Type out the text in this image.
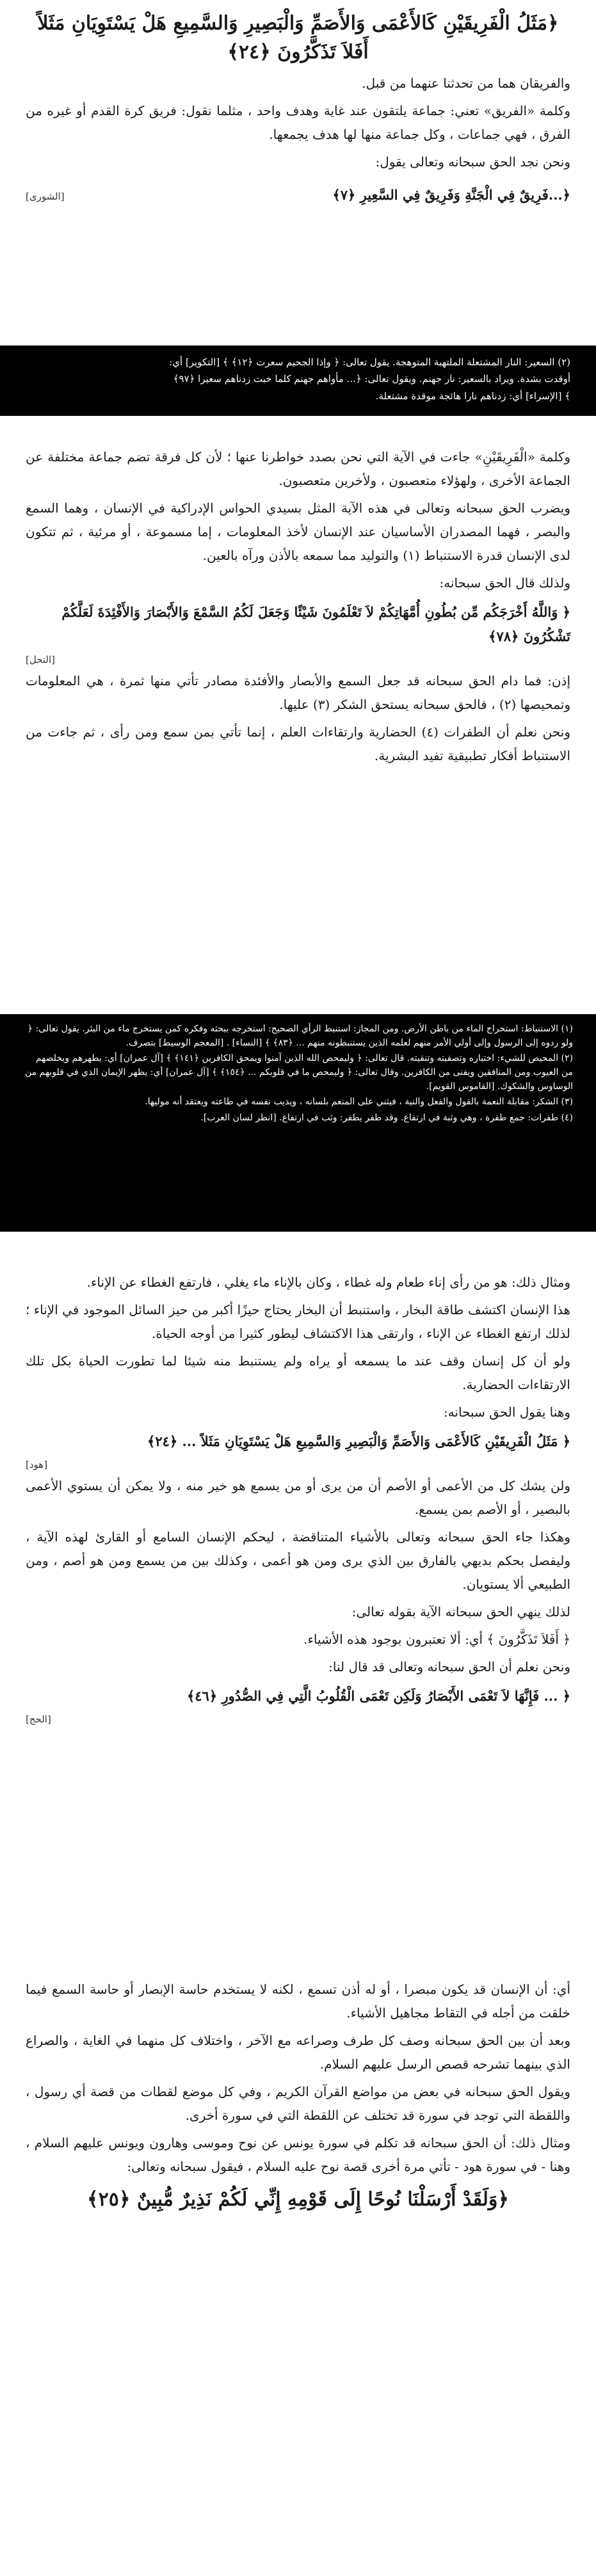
﴿مَثَلُ الْفَرِيقَيْنِ كَالأَعْمَى وَالأَصَمِّ وَالْبَصِيرِ وَالسَّمِيعِ هَلْ يَسْتَوِيَانِ مَثَلاً أَفَلاَ تَذَكَّرُونَ ﴿٢٤﴾

والفريقان هما من تحدثنا عنهما من قبل.

وكلمة «الفريق» تعني: جماعة يلتقون عند غاية وهدف واحد ، مثلما نقول: فريق كرة القدم أو غيره من الفرق ، فهي جماعات ، وكل جماعة منها لها هدف يجمعها.

ونحن نجد الحق سبحانه وتعالى يقول:

﴿...فَرِيقٌ فِي الْجَنَّةِ وَفَرِيقٌ فِي السَّعِيرِ ﴿٧﴾

[الشورى]

(٢) السعير: النار المشتعلة الملتهبة المتوهجة. يقول تعالى: ﴿ وإذا الجحيم سعرت ﴿١٢﴾ ﴾ [التكوير] أي:

أوقدت بشدة. ويراد بالسعير: نار جهنم. ويقول تعالى: ﴿... مأواهم جهنم كلما خبت زدناهم سعيرا ﴿٩٧﴾

﴾ [الإسراء] أي: زدناهم نارا هائجة موقدة مشتعلة.

وكلمة «الْفَرِيقَيْنِ» جاءت في الآية التي نحن بصدد خواطرنا عنها ؛ لأن كل فرقة تضم جماعة مختلفة عن الجماعة الأخرى ، ولهؤلاء متعصبون ، ولأخرين متعصبون.

ويضرب الحق سبحانه وتعالى في هذه الآية المثل بسيدي الحواس الإدراكية في الإنسان ، وهما السمع والبصر ، فهما المصدران الأساسيان عند الإنسان لأخذ المعلومات ، إما مسموعة ، أو مرئية ، ثم تتكون لدى الإنسان قدرة الاستنباط (١) والتوليد مما سمعه بالأذن ورآه بالعين.

ولذلك قال الحق سبحانه:

﴿ وَاللَّهُ أَخْرَجَكُم مِّن بُطُونِ أُمَّهَاتِكُمْ لاَ تَعْلَمُونَ شَيْئًا وَجَعَلَ لَكُمُ السَّمْعَ وَالأَبْصَارَ وَالأَفْئِدَةَ لَعَلَّكُمْ تَشْكُرُونَ ﴿٧٨﴾

[النحل]

إذن: فما دام الحق سبحانه قد جعل السمع والأبصار والأفئدة مصادر تأتي منها ثمرة ، هي المعلومات وتمحيصها (٢) ، فالحق سبحانه يستحق الشكر (٣) عليها.

ونحن نعلم أن الطفرات (٤) الحضارية وارتقاءات العلم ، إنما تأتي بمن سمع ومن رأى ، ثم جاءت من الاستنباط أفكار تطبيقية تفيد البشرية.

(١) الاستنباط: استخراج الماء من باطن الأرض. ومن المجاز: استنبط الرأي الصحيح: استخرجه ببحثه وفكره كمن يستخرج ماء من البئر. يقول تعالى: ﴿ ولو ردوه إلى الرسول وإلى أولي الأمر منهم لعلمه الذين يستنبطونه منهم ... ﴿٨٣﴾ ﴾ [النساء] . [المعجم الوسيط] بتصرف.

(٢) المحيص للشيء: اختباره وتصفيته وتنقيته. قال تعالى: ﴿ وليمحص الله الذين آمنوا ويمحق الكافرين ﴿١٤١﴾ ﴾ [آل عمران] أي: يطهرهم ويخلصهم من العيوب ومن المنافقين ويفنى من الكافرين. وقال تعالى: ﴿ وليمحص ما في قلوبكم ... ﴿١٥٤﴾ ﴾ [آل عمران] أي: يظهر الإيمان الذي في قلوبهم من الوساوس والشكوك. [القاموس القويم].

(٣) الشكر: مقابلة النعمة بالقول والفعل والنية ، فيثني على المنعم بلسانه ، ويذيب نفسه في طاعته ويعتقد أنه موليها.

(٤) طفرات: جمع طفرة ، وهي وثبة في ارتفاع. وقد طفر يطفر: وثب في ارتفاع. [انظر لسان العرب].

ومثال ذلك: هو من رأى إناء طعام وله غطاء ، وكان بالإناء ماء يغلي ، فارتفع الغطاء عن الإناء.

هذا الإنسان اكتشف طاقة البخار ، واستنبط أن البخار يحتاج حيزًا أكبر من حيز السائل الموجود في الإناء ؛ لذلك ارتفع الغطاء عن الإناء ، وارتقى هذا الاكتشاف ليطور كثيرا من أوجه الحياة.

ولو أن كل إنسان وقف عند ما يسمعه أو يراه ولم يستنبط منه شيئا لما تطورت الحياة بكل تلك الارتقاءات الحضارية.

وهنا يقول الحق سبحانه:

﴿ مَثَلُ الْفَرِيقَيْنِ كَالأَعْمَى وَالأَصَمِّ وَالْبَصِيرِ وَالسَّمِيعِ هَلْ يَسْتَوِيَانِ مَثَلاً ... ﴿٢٤﴾

[هود]

ولن يشك كل من الأعمى أو الأصم أن من يرى أو من يسمع هو خير منه ، ولا يمكن أن يستوي الأعمى بالبصير ، أو الأصم بمن يسمع.

وهكذا جاء الحق سبحانه وتعالى بالأشياء المتناقضة ، ليحكم الإنسان السامع أو القارئ لهذه الآية ، وليفصل بحكم بديهي بالفارق بين الذي يرى ومن هو أعمى ، وكذلك بين من يسمع ومن هو أصم ، ومن الطبيعي ألا يستويان.

لذلك ينهي الحق سبحانه الآية بقوله تعالى:

﴿ أَفَلاَ تَذَكَّرُونَ ﴾ أي: ألا تعتبرون بوجود هذه الأشياء.

ونحن نعلم أن الحق سبحانه وتعالى قد قال لنا:

﴿ ... فَإِنَّهَا لاَ تَعْمَى الأَبْصَارُ وَلَكِن تَعْمَى الْقُلُوبُ الَّتِي فِي الصُّدُورِ ﴿٤٦﴾

[الحج]

أي: أن الإنسان قد يكون مبصرا ، أو له أذن تسمع ، لكنه لا يستخدم حاسة الإبصار أو حاسة السمع فيما خلقت من أجله في التقاط مجاهيل الأشياء.

وبعد أن بين الحق سبحانه وصف كل طرف وصراعه مع الآخر ، واختلاف كل منهما في الغاية ، والصراع الذي بينهما تشرحه قصص الرسل عليهم السلام.

ويقول الحق سبحانه في بعض من مواضع القرآن الكريم ، وفي كل موضع لقطات من قصة أي رسول ، واللقطة التي توجد في سورة قد تختلف عن اللقطة التي في سورة أخرى.

ومثال ذلك: أن الحق سبحانه قد تكلم في سورة يونس عن نوح وموسى وهارون ويونس عليهم السلام ، وهنا - في سورة هود - تأتي مرة أخرى قصة نوح عليه السلام ، فيقول سبحانه وتعالى:

﴿وَلَقَدْ أَرْسَلْنَا نُوحًا إِلَى قَوْمِهِ إِنِّي لَكُمْ نَذِيرٌ مُّبِينٌ ﴿٢٥﴾
